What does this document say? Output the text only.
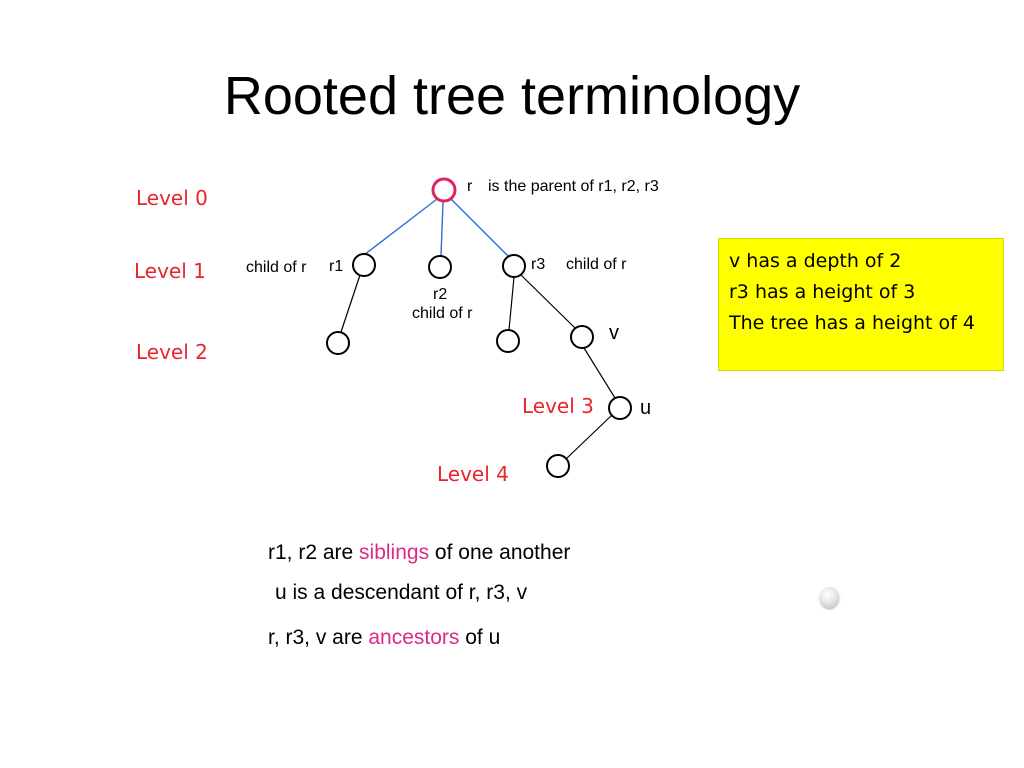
Rooted tree terminology
Level 0
Level 1
Level 2
Level 3
Level 4
r is the parent of r1, r2, r3
child of r r1
r2
child of r
r3 child of r
v
u
v has a depth of 2
r3 has a height of 3
The tree has a height of 4
r1, r2 are siblings of one another
u is a descendant of r, r3, v
r, r3, v are ancestors of u
